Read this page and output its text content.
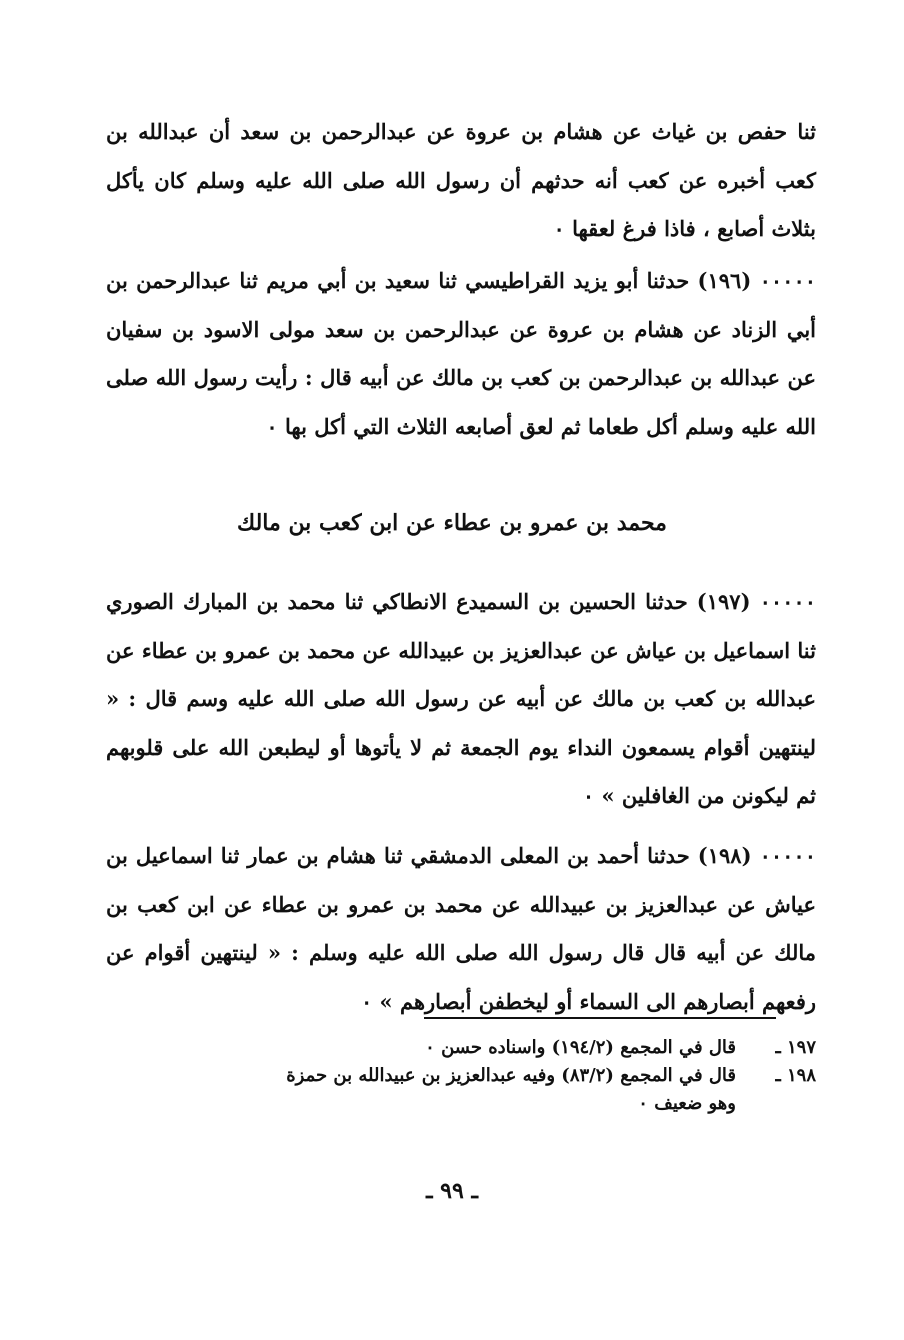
ثنا حفص بن غياث عن هشام بن عروة عن عبدالرحمن بن سعد أن عبدالله بن كعب أخبره عن كعب أنه حدثهم أن رسول الله صلى الله عليه وسلم كان يأكل بثلاث أصابع ، فاذا فرغ لعقها ٠

٠٠٠٠٠ (١٩٦) حدثنا أبو يزيد القراطيسي ثنا سعيد بن أبي مريم ثنا عبدالرحمن بن أبي الزناد عن هشام بن عروة عن عبدالرحمن بن سعد مولى الاسود بن سفيان عن عبدالله بن عبدالرحمن بن كعب بن مالك عن أبيه قال : رأيت رسول الله صلى الله عليه وسلم أكل طعاما ثم لعق أصابعه الثلاث التي أكل بها ٠

محمد بن عمرو بن عطاء عن ابن كعب بن مالك

٠٠٠٠٠ (١٩٧) حدثنا الحسين بن السميدع الانطاكي ثنا محمد بن المبارك الصوري ثنا اسماعيل بن عياش عن عبدالعزيز بن عبيدالله عن محمد بن عمرو بن عطاء عن عبدالله بن كعب بن مالك عن أبيه عن رسول الله صلى الله عليه وسم قال : « لينتهين أقوام يسمعون النداء يوم الجمعة ثم لا يأتوها أو ليطبعن الله على قلوبهم ثم ليكونن من الغافلين » ٠

٠٠٠٠٠ (١٩٨) حدثنا أحمد بن المعلى الدمشقي ثنا هشام بن عمار ثنا اسماعيل بن عياش عن عبدالعزيز بن عبيدالله عن محمد بن عمرو بن عطاء عن ابن كعب بن مالك عن أبيه قال قال رسول الله صلى الله عليه وسلم : « لينتهين أقوام عن رفعهم أبصارهم الى السماء أو ليخطفن أبصارهم » ٠

١٩٧ ـقال في المجمع (١٩٤/٢) واسناده حسن ٠
١٩٨ ـقال في المجمع (٨٣/٢) وفيه عبدالعزيز بن عبيدالله بن حمزة
وهو ضعيف ٠
ـ ٩٩ ـ
